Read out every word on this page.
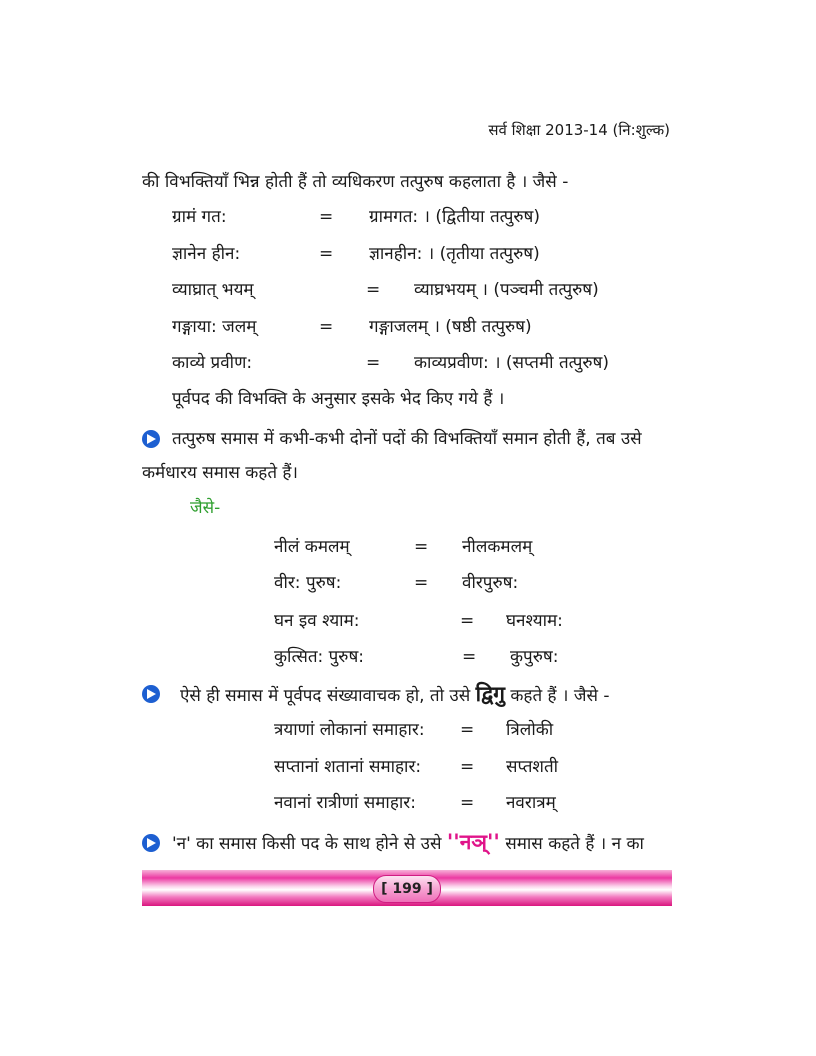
सर्व शिक्षा 2013-14 (नि:शुल्क)
की विभक्तियाँ भिन्न होती हैं तो व्यधिकरण तत्पुरुष कहलाता है । जैसे -
ग्रामं गत:	= ग्रामगत: । (द्वितीया तत्पुरुष)
ज्ञानेन हीन:	= ज्ञानहीन: । (तृतीया तत्पुरुष)
व्याघ्रात् भयम्	= व्याघ्रभयम् । (पञ्चमी तत्पुरुष)
गङ्गाया: जलम्	= गङ्गाजलम् । (षष्ठी तत्पुरुष)
काव्ये प्रवीण:	= काव्यप्रवीण: । (सप्तमी तत्पुरुष)
पूर्वपद की विभक्ति के अनुसार इसके भेद किए गये हैं ।
तत्पुरुष समास में कभी-कभी दोनों पदों की विभक्तियाँ समान होती हैं, तब उसे
कर्मधारय समास कहते हैं।
जैसे-
नीलं कमलम्	= नीलकमलम्
वीर: पुरुष:	= वीरपुरुष:
घन इव श्याम:	= घनश्याम:
कुत्सित: पुरुष:	= कुपुरुष:
ऐसे ही समास में पूर्वपद संख्यावाचक हो, तो उसे द्विगु कहते हैं । जैसे -
त्रयाणां लोकानां समाहार: = त्रिलोकी
सप्तानां शतानां समाहार: = सप्तशती
नवानां रात्रीणां समाहार:	= नवरात्रम्
'न' का समास किसी पद के साथ होने से उसे ''नञ्'' समास कहते हैं । न का
[ 199 ]
